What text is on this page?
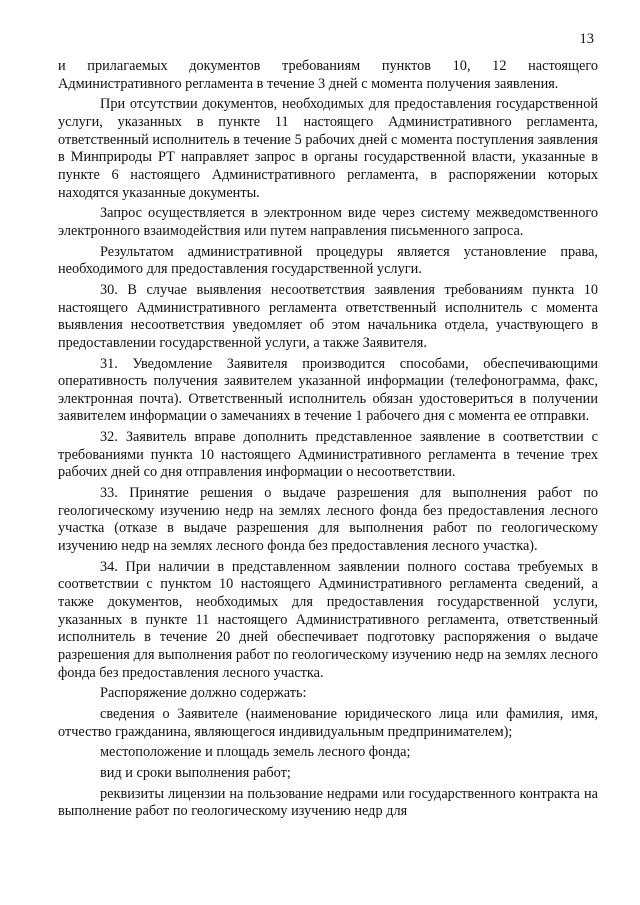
13

и прилагаемых документов требованиям пунктов 10, 12 настоящего Административного регламента в течение 3 дней с момента получения заявления.

При отсутствии документов, необходимых для предоставления государственной услуги, указанных в пункте 11 настоящего Административного регламента, ответственный исполнитель в течение 5 рабочих дней с момента поступления заявления в Минприроды РТ направляет запрос в органы государственной власти, указанные в пункте 6 настоящего Административного регламента, в распоряжении которых находятся указанные документы.

Запрос осуществляется в электронном виде через систему межведомственного электронного взаимодействия или путем направления письменного запроса.

Результатом административной процедуры является установление права, необходимого для предоставления государственной услуги.

30. В случае выявления несоответствия заявления требованиям пункта 10 настоящего Административного регламента ответственный исполнитель с момента выявления несоответствия уведомляет об этом начальника отдела, участвующего в предоставлении государственной услуги, а также Заявителя.

31. Уведомление Заявителя производится способами, обеспечивающими оперативность получения заявителем указанной информации (телефонограмма, факс, электронная почта). Ответственный исполнитель обязан удостовериться в получении заявителем информации о замечаниях в течение 1 рабочего дня с момента ее отправки.

32. Заявитель вправе дополнить представленное заявление в соответствии с требованиями пункта 10 настоящего Административного регламента в течение трех рабочих дней со дня отправления информации о несоответствии.

33. Принятие решения о выдаче разрешения для выполнения работ по геологическому изучению недр на землях лесного фонда без предоставления лесного участка (отказе в выдаче разрешения для выполнения работ по геологическому изучению недр на землях лесного фонда без предоставления лесного участка).

34. При наличии в представленном заявлении полного состава требуемых в соответствии с пунктом 10 настоящего Административного регламента сведений, а также документов, необходимых для предоставления государственной услуги, указанных в пункте 11 настоящего Административного регламента, ответственный исполнитель в течение 20 дней обеспечивает подготовку распоряжения о выдаче разрешения для выполнения работ по геологическому изучению недр на землях лесного фонда без предоставления лесного участка.

Распоряжение должно содержать:

сведения о Заявителе (наименование юридического лица или фамилия, имя, отчество гражданина, являющегося индивидуальным предпринимателем);

местоположение и площадь земель лесного фонда;

вид и сроки выполнения работ;

реквизиты лицензии на пользование недрами или государственного контракта на выполнение работ по геологическому изучению недр для
